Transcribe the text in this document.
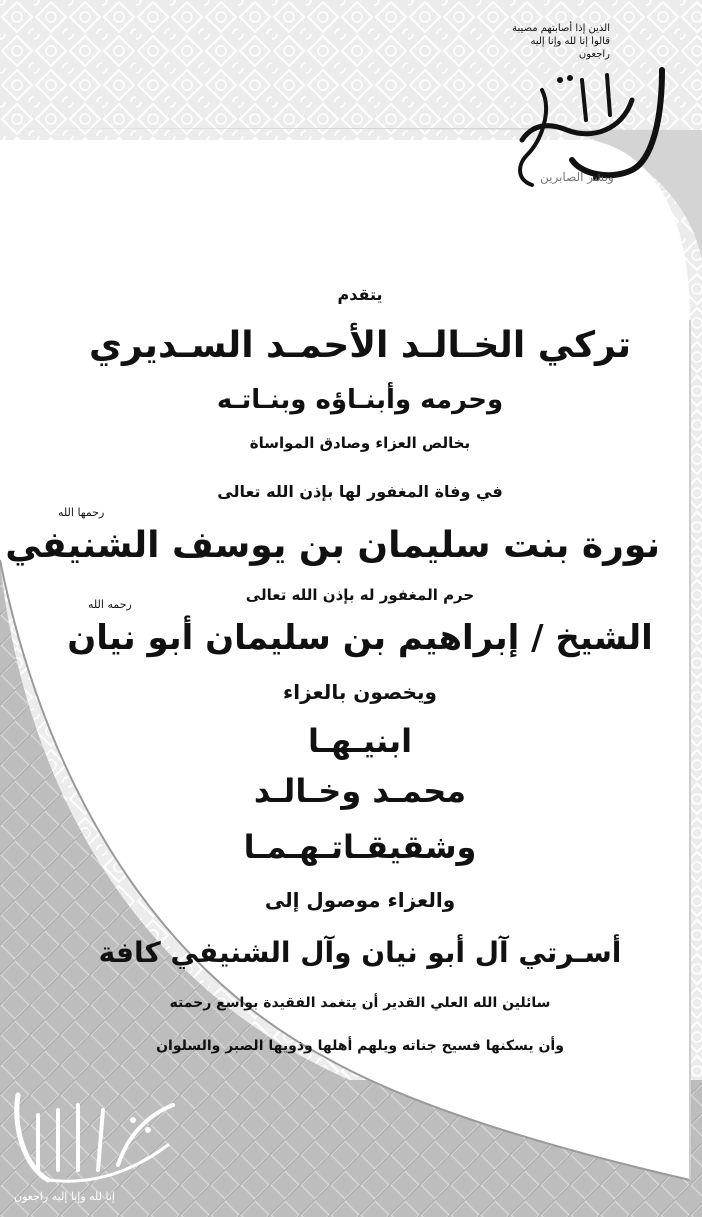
الذين إذا أصابتهم مصيبة
قالوا إنا لله وإنا إليه راجعون
وبشر الصابرين
يتقدم
تركي الخـالـد الأحمـد السـديري
وحرمه وأبنـاؤه وبنـاتـه
بخالص العزاء وصادق المواساة
في وفاة المغفور لها بإذن الله تعالى
رحمها الله
نورة بنت سليمان بن يوسف الشنيفي
حرم المغفور له بإذن الله تعالى
رحمه الله
الشيخ / إبراهيم بن سليمان أبو نيان
ويخصون بالعزاء
ابنيـهـا
محمـد وخـالـد
وشقيقـاتـهـمـا
والعزاء موصول إلى
أسـرتي آل أبو نيان وآل الشنيفي كافة
سائلين الله العلي القدير أن يتغمد الفقيدة بواسع رحمته
وأن يسكنها فسيح جناته ويلهم أهلها وذويها الصبر والسلوان
إنا لله وإنا إليه راجعون
